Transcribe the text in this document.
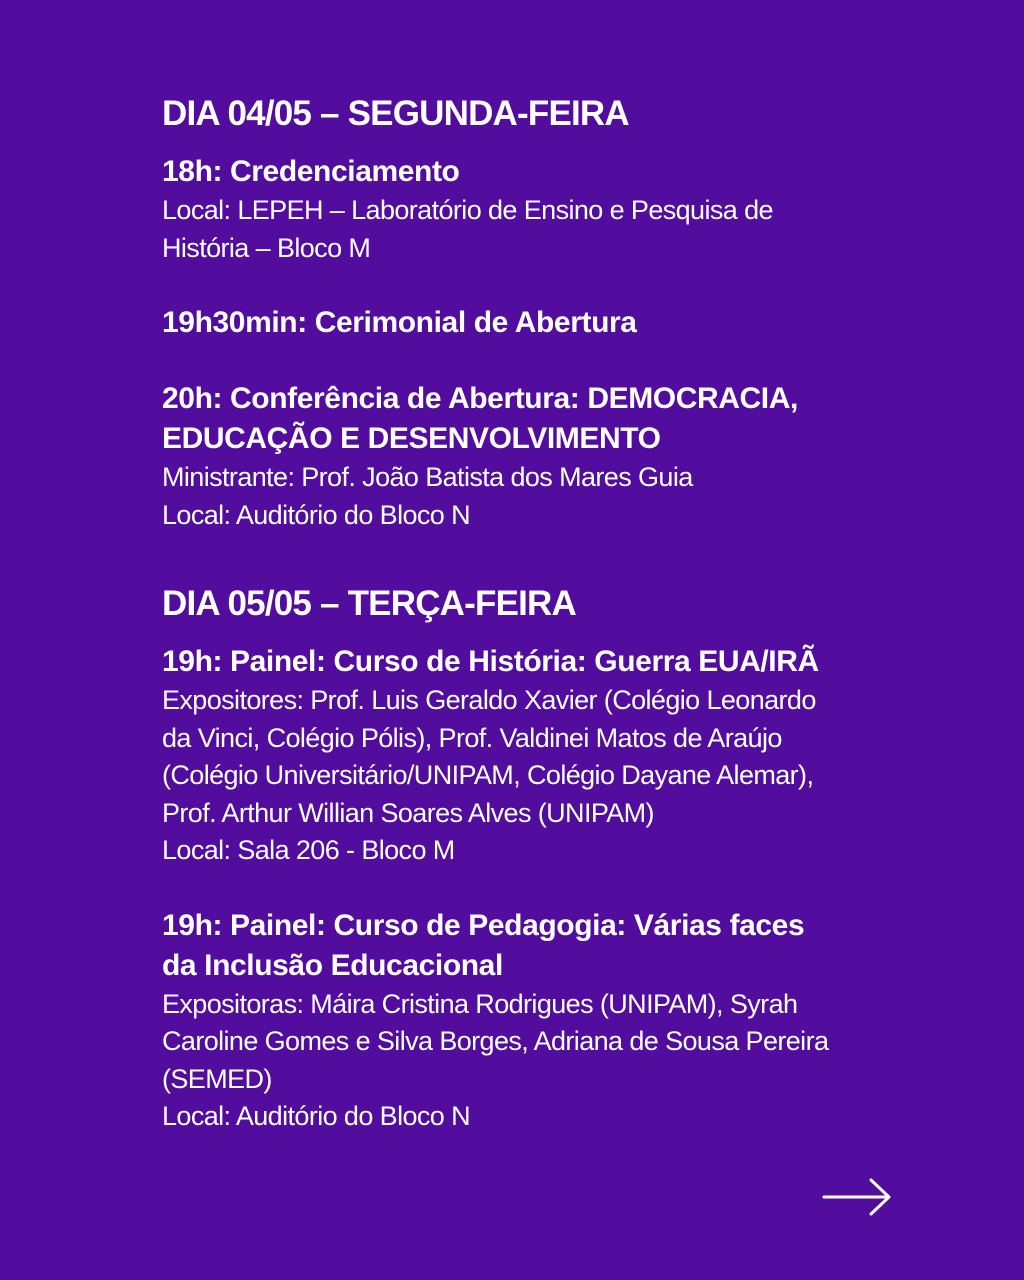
DIA 04/05 – SEGUNDA-FEIRA

18h: Credenciamento

Local: LEPEH – Laboratório de Ensino e Pesquisa de

História – Bloco M

19h30min: Cerimonial de Abertura

20h: Conferência de Abertura: DEMOCRACIA,

EDUCAÇÃO E DESENVOLVIMENTO

Ministrante: Prof. João Batista dos Mares Guia

Local: Auditório do Bloco N

DIA 05/05 – TERÇA-FEIRA

19h: Painel: Curso de História: Guerra EUA/IRÃ

Expositores: Prof. Luis Geraldo Xavier (Colégio Leonardo

da Vinci, Colégio Pólis), Prof. Valdinei Matos de Araújo

(Colégio Universitário/UNIPAM, Colégio Dayane Alemar),

Prof. Arthur Willian Soares Alves (UNIPAM)

Local: Sala 206 - Bloco M

19h: Painel: Curso de Pedagogia: Várias faces

da Inclusão Educacional

Expositoras: Máira Cristina Rodrigues (UNIPAM), Syrah

Caroline Gomes e Silva Borges, Adriana de Sousa Pereira

(SEMED)

Local: Auditório do Bloco N
